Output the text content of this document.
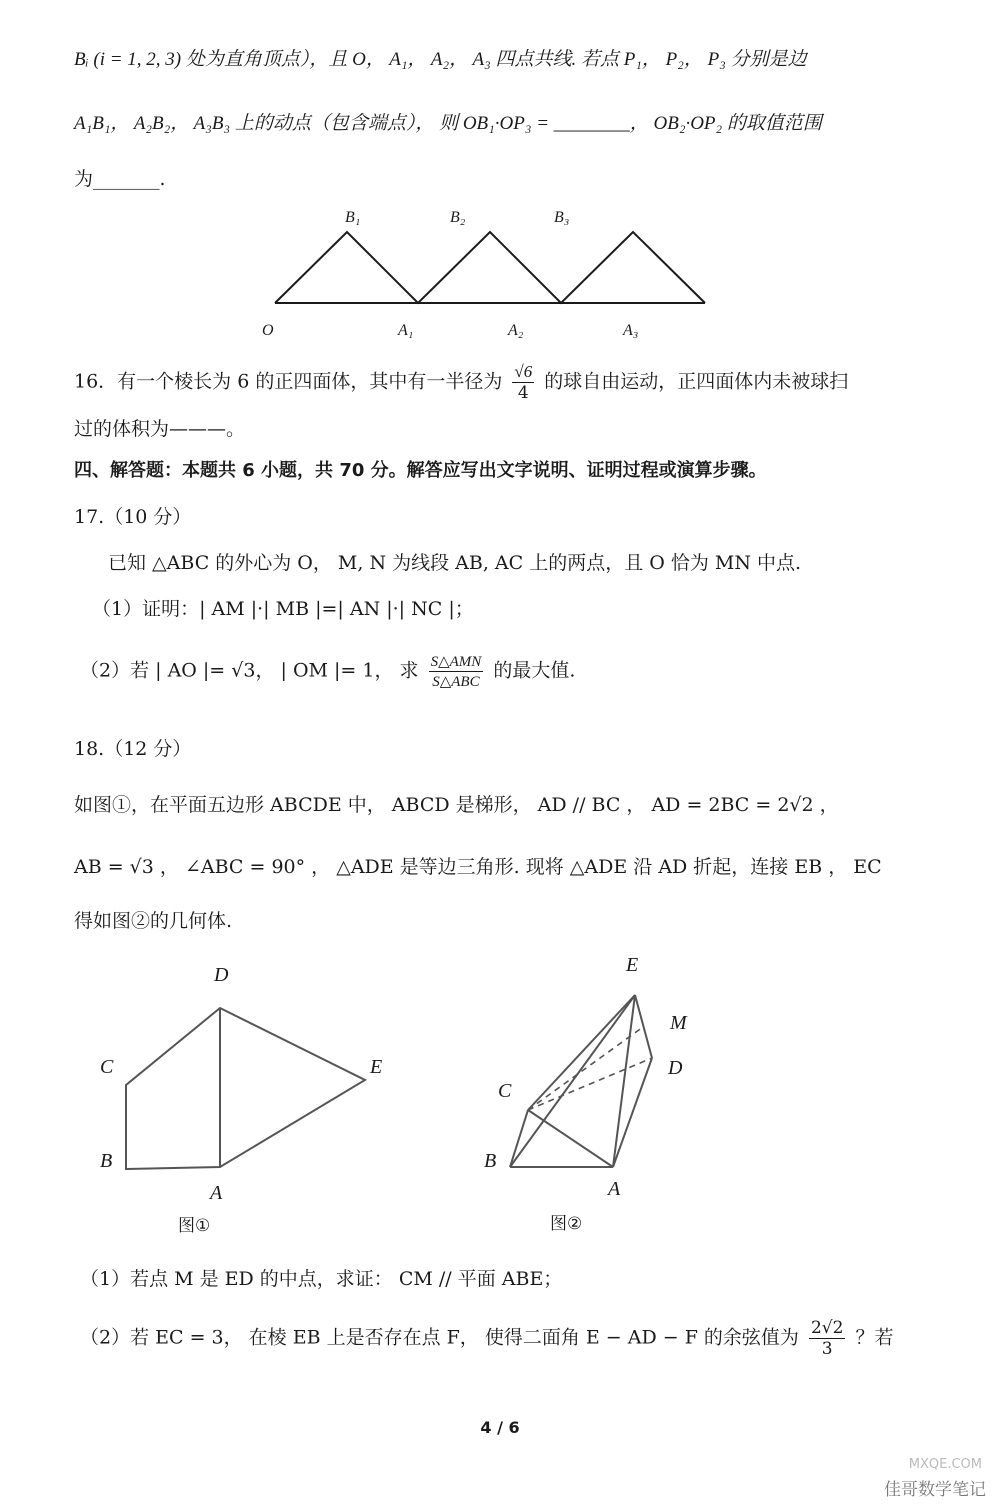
Bᵢ (i = 1, 2, 3) 处为直角顶点），且 O， A₁， A₂， A₃ 四点共线. 若点 P₁， P₂， P₃ 分别是边
A₁B₁， A₂B₂， A₃B₃ 上的动点（包含端点）， 则 OB₁·OP₃ = ________， OB₂·OP₂ 的取值范围
为_______.
B₁	B₂	B₃
O	A₁	A₂	A₃
16．有一个棱长为 6 的正四面体，其中有一半径为 $\frac{√6}{4}$ 的球自由运动，正四面体内未被球扫
过的体积为———。
四、解答题：本题共 6 小题，共 70 分。解答应写出文字说明、证明过程或演算步骤。
17.（10 分）
已知 △ABC 的外心为 O， M, N 为线段 AB, AC 上的两点，且 O 恰为 MN 中点.
（1）证明：| AM |·| MB |=| AN |·| NC |；
（2）若 | AO |= √3， | OM |= 1， 求 $\frac{\text{S△AMN}}{\text{S△ABC}}$ 的最大值.
18.（12 分）
如图①，在平面五边形 ABCDE 中， ABCD 是梯形， AD // BC ， AD = 2BC = 2√2 ，
AB = √3 ， ∠ABC = 90° ， △ADE 是等边三角形. 现将 △ADE 沿 AD 折起，连接 EB ， EC
得如图②的几何体.
D
C	E
B
A
图①
E
M
D
C
B
A
图②
（1）若点 M 是 ED 的中点，求证： CM // 平面 ABE；
（2）若 EC = 3， 在棱 EB 上是否存在点 F， 使得二面角 E − AD − F 的余弦值为 $\frac{2√2}{3}$ ？若
4 / 6
MXQE.COM
佳哥数学笔记
